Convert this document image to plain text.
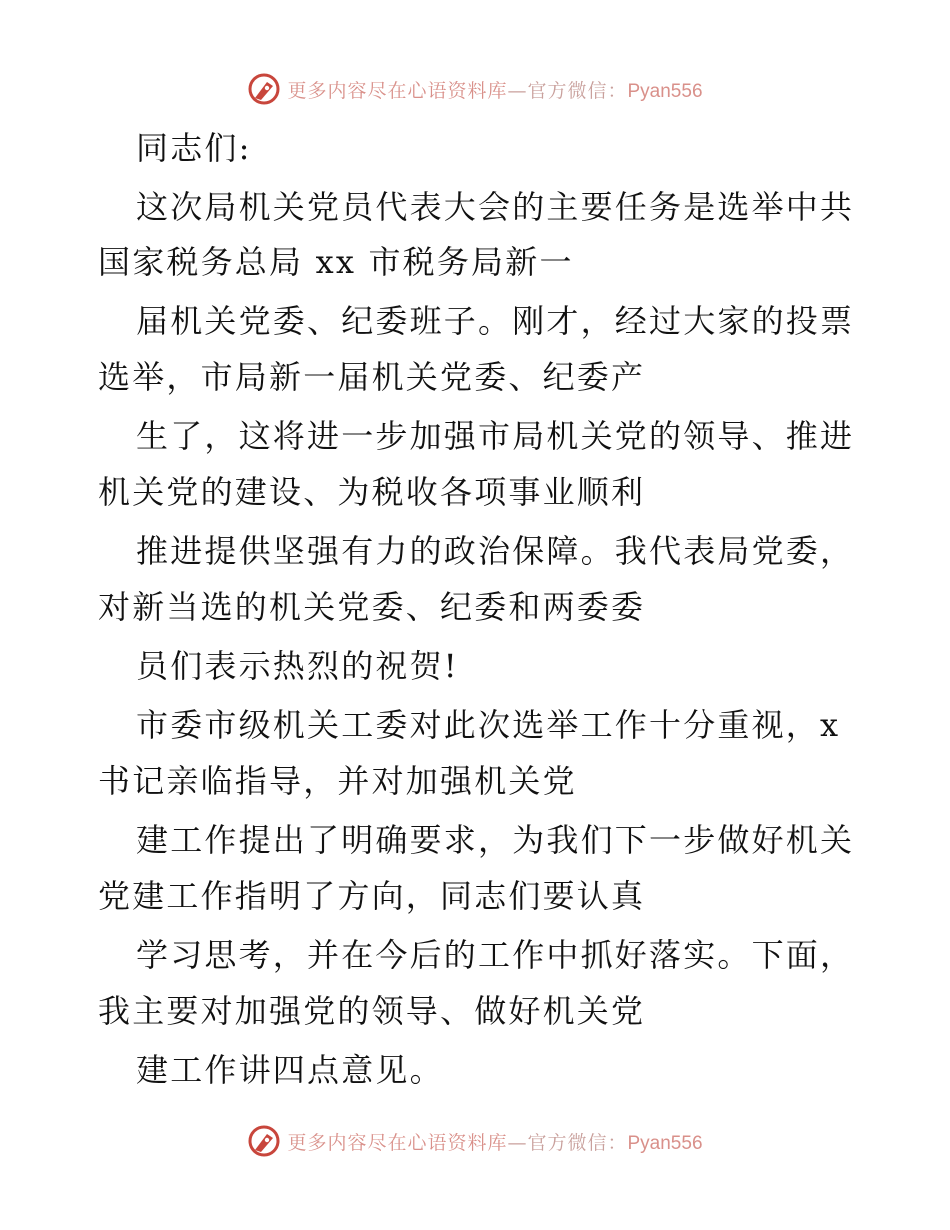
更多内容尽在心语资料库—官方微信：Pyan556
同志们:
这次局机关党员代表大会的主要任务是选举中共
国家税务总局 xx 市税务局新一
届机关党委、纪委班子。刚才，经过大家的投票
选举，市局新一届机关党委、纪委产
生了，这将进一步加强市局机关党的领导、推进
机关党的建设、为税收各项事业顺利
推进提供坚强有力的政治保障。我代表局党委，
对新当选的机关党委、纪委和两委委
员们表示热烈的祝贺!
市委市级机关工委对此次选举工作十分重视，x
书记亲临指导，并对加强机关党
建工作提出了明确要求，为我们下一步做好机关
党建工作指明了方向，同志们要认真
学习思考，并在今后的工作中抓好落实。下面，
我主要对加强党的领导、做好机关党
建工作讲四点意见。
更多内容尽在心语资料库—官方微信：Pyan556
